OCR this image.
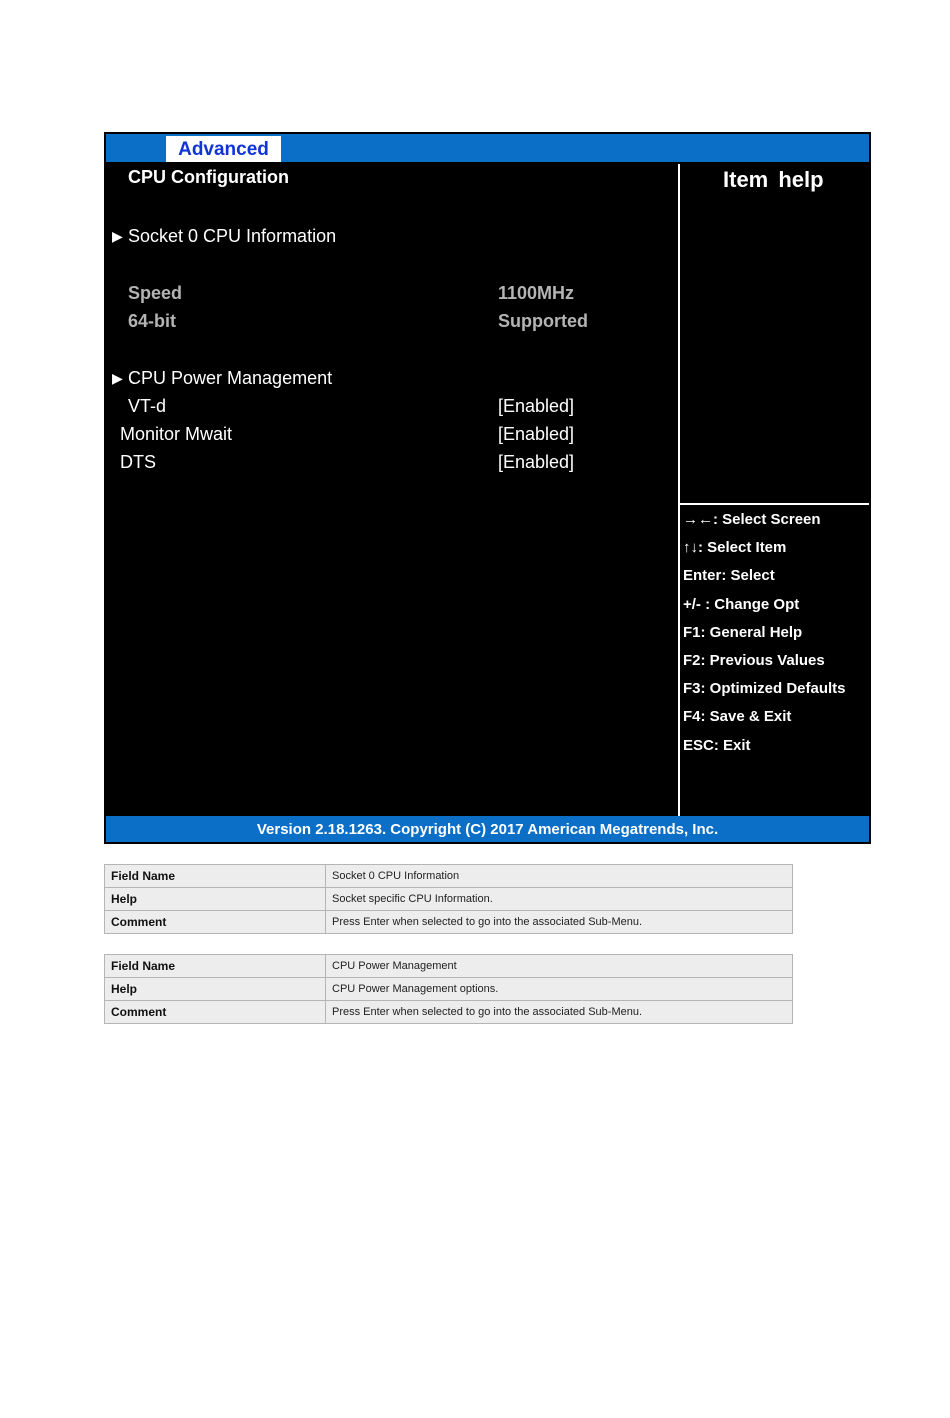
Advanced
CPU Configuration
▶ Socket 0 CPU Information
Speed	1100MHz
64-bit	Supported
▶ CPU Power Management
VT-d	[Enabled]
Monitor Mwait	[Enabled]
DTS	[Enabled]
Item help
→←: Select Screen
↑↓: Select Item
Enter: Select
+/- : Change Opt
F1: General Help
F2: Previous Values
F3: Optimized Defaults
F4: Save & Exit
ESC: Exit
Version 2.18.1263. Copyright (C) 2017 American Megatrends, Inc.
Field Name	Socket 0 CPU Information
Help	Socket specific CPU Information.
Comment	Press Enter when selected to go into the associated Sub-Menu.
Field Name	CPU Power Management
Help	CPU Power Management options.
Comment	Press Enter when selected to go into the associated Sub-Menu.
